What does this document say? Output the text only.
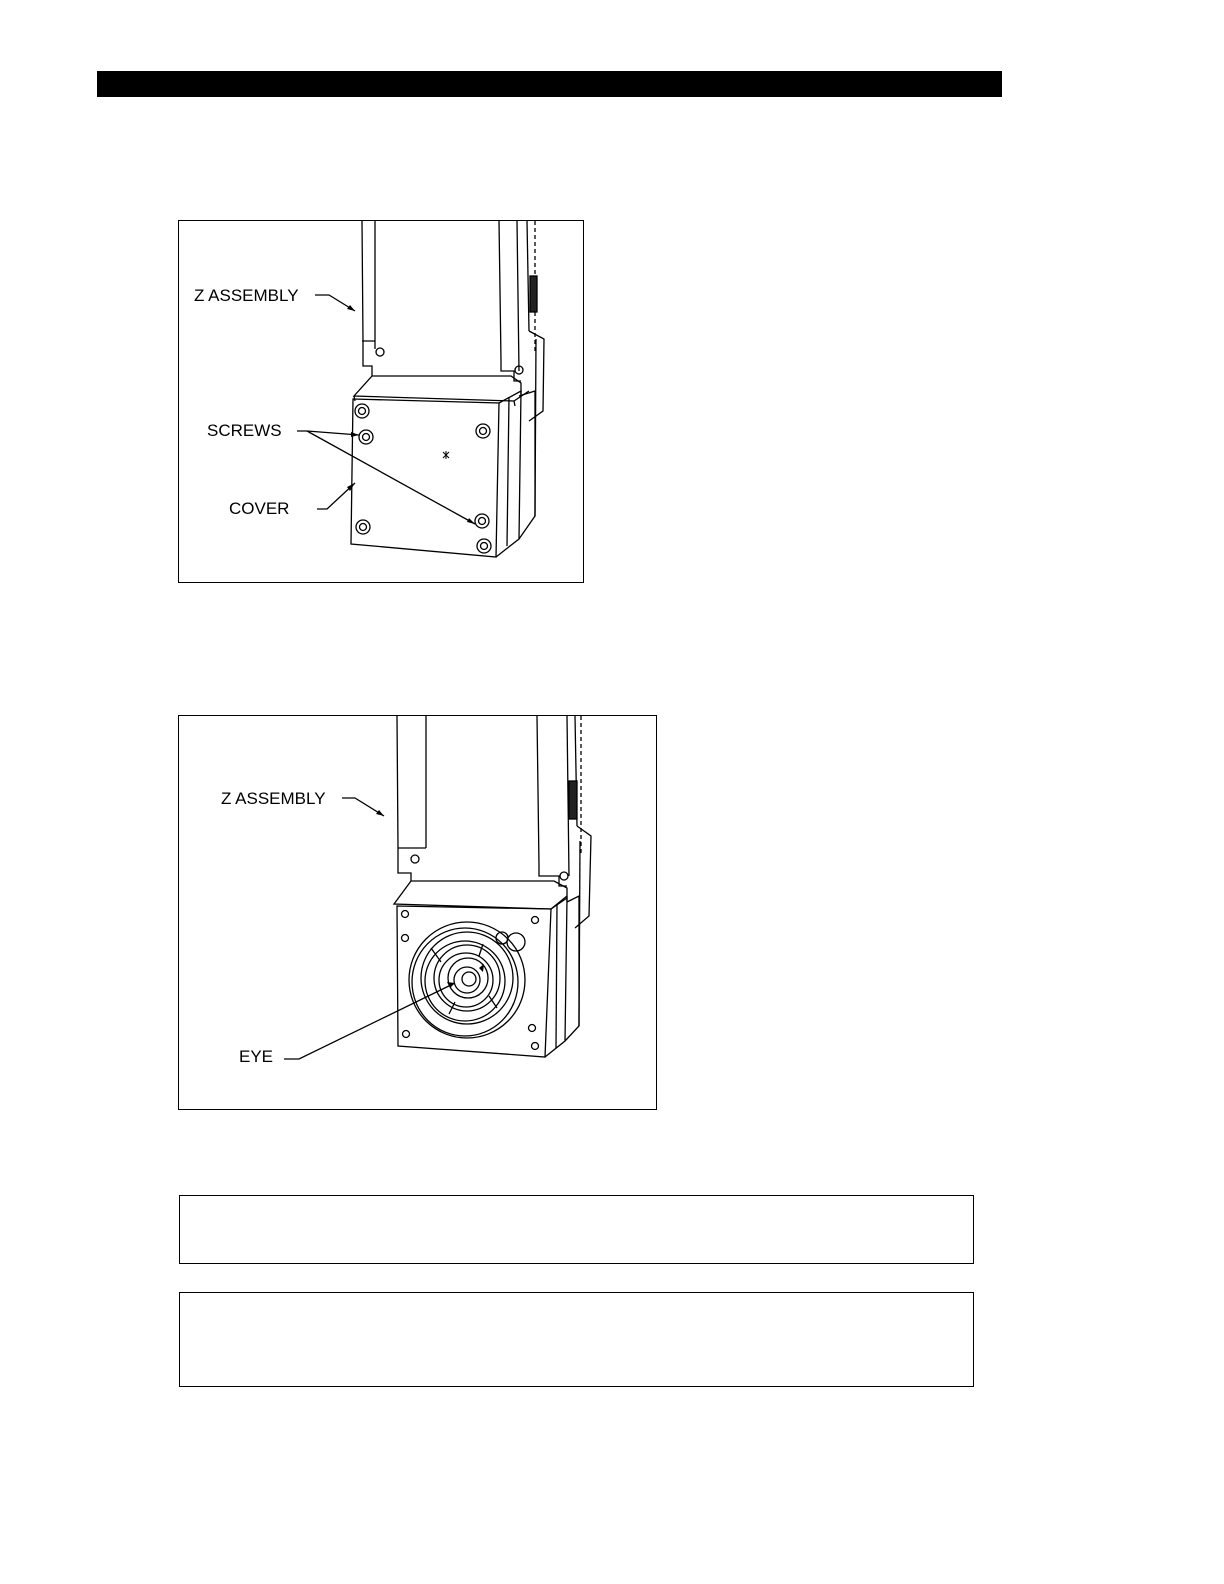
Z ASSEMBLY
SCREWS
COVER
Z ASSEMBLY
EYE
